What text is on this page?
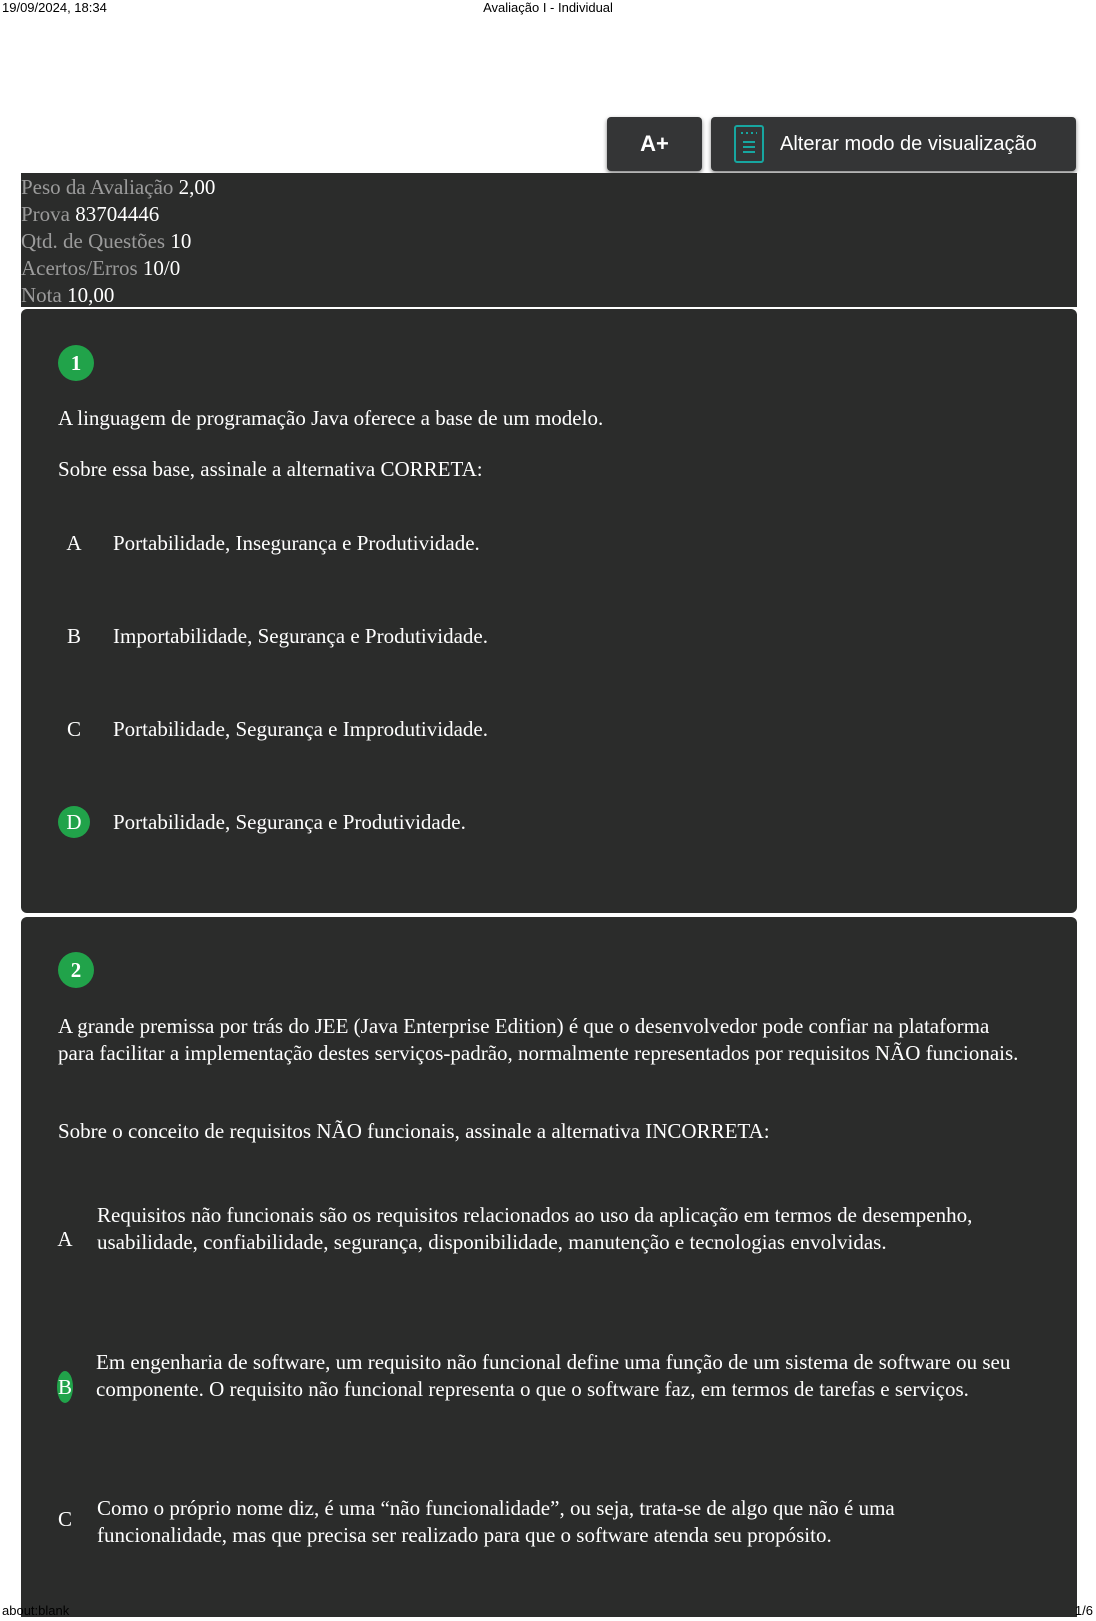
19/09/2024, 18:34	Avaliação I - Individual
A+	Alterar modo de visualização
Peso da Avaliação 2,00
Prova 83704446
Qtd. de Questões 10
Acertos/Erros 10/0
Nota 10,00
1

A linguagem de programação Java oferece a base de um modelo.

Sobre essa base, assinale a alternativa CORRETA:

A	Portabilidade, Insegurança e Produtividade.

B	Importabilidade, Segurança e Produtividade.

C	Portabilidade, Segurança e Improdutividade.

D	Portabilidade, Segurança e Produtividade.

2

A grande premissa por trás do JEE (Java Enterprise Edition) é que o desenvolvedor pode confiar na plataforma para facilitar a implementação destes serviços-padrão, normalmente representados por requisitos NÃO funcionais.

Sobre o conceito de requisitos NÃO funcionais, assinale a alternativa INCORRETA:

A

Requisitos não funcionais são os requisitos relacionados ao uso da aplicação em termos de desempenho, usabilidade, confiabilidade, segurança, disponibilidade, manutenção e tecnologias envolvidas.

B

Em engenharia de software, um requisito não funcional define uma função de um sistema de software ou seu componente. O requisito não funcional representa o que o software faz, em termos de tarefas e serviços.

C	Como o próprio nome diz, é uma “não funcionalidade”, ou seja, trata-se de algo que não é uma funcionalidade, mas que precisa ser realizado para que o software atenda seu propósito.

about:blank	1/6
